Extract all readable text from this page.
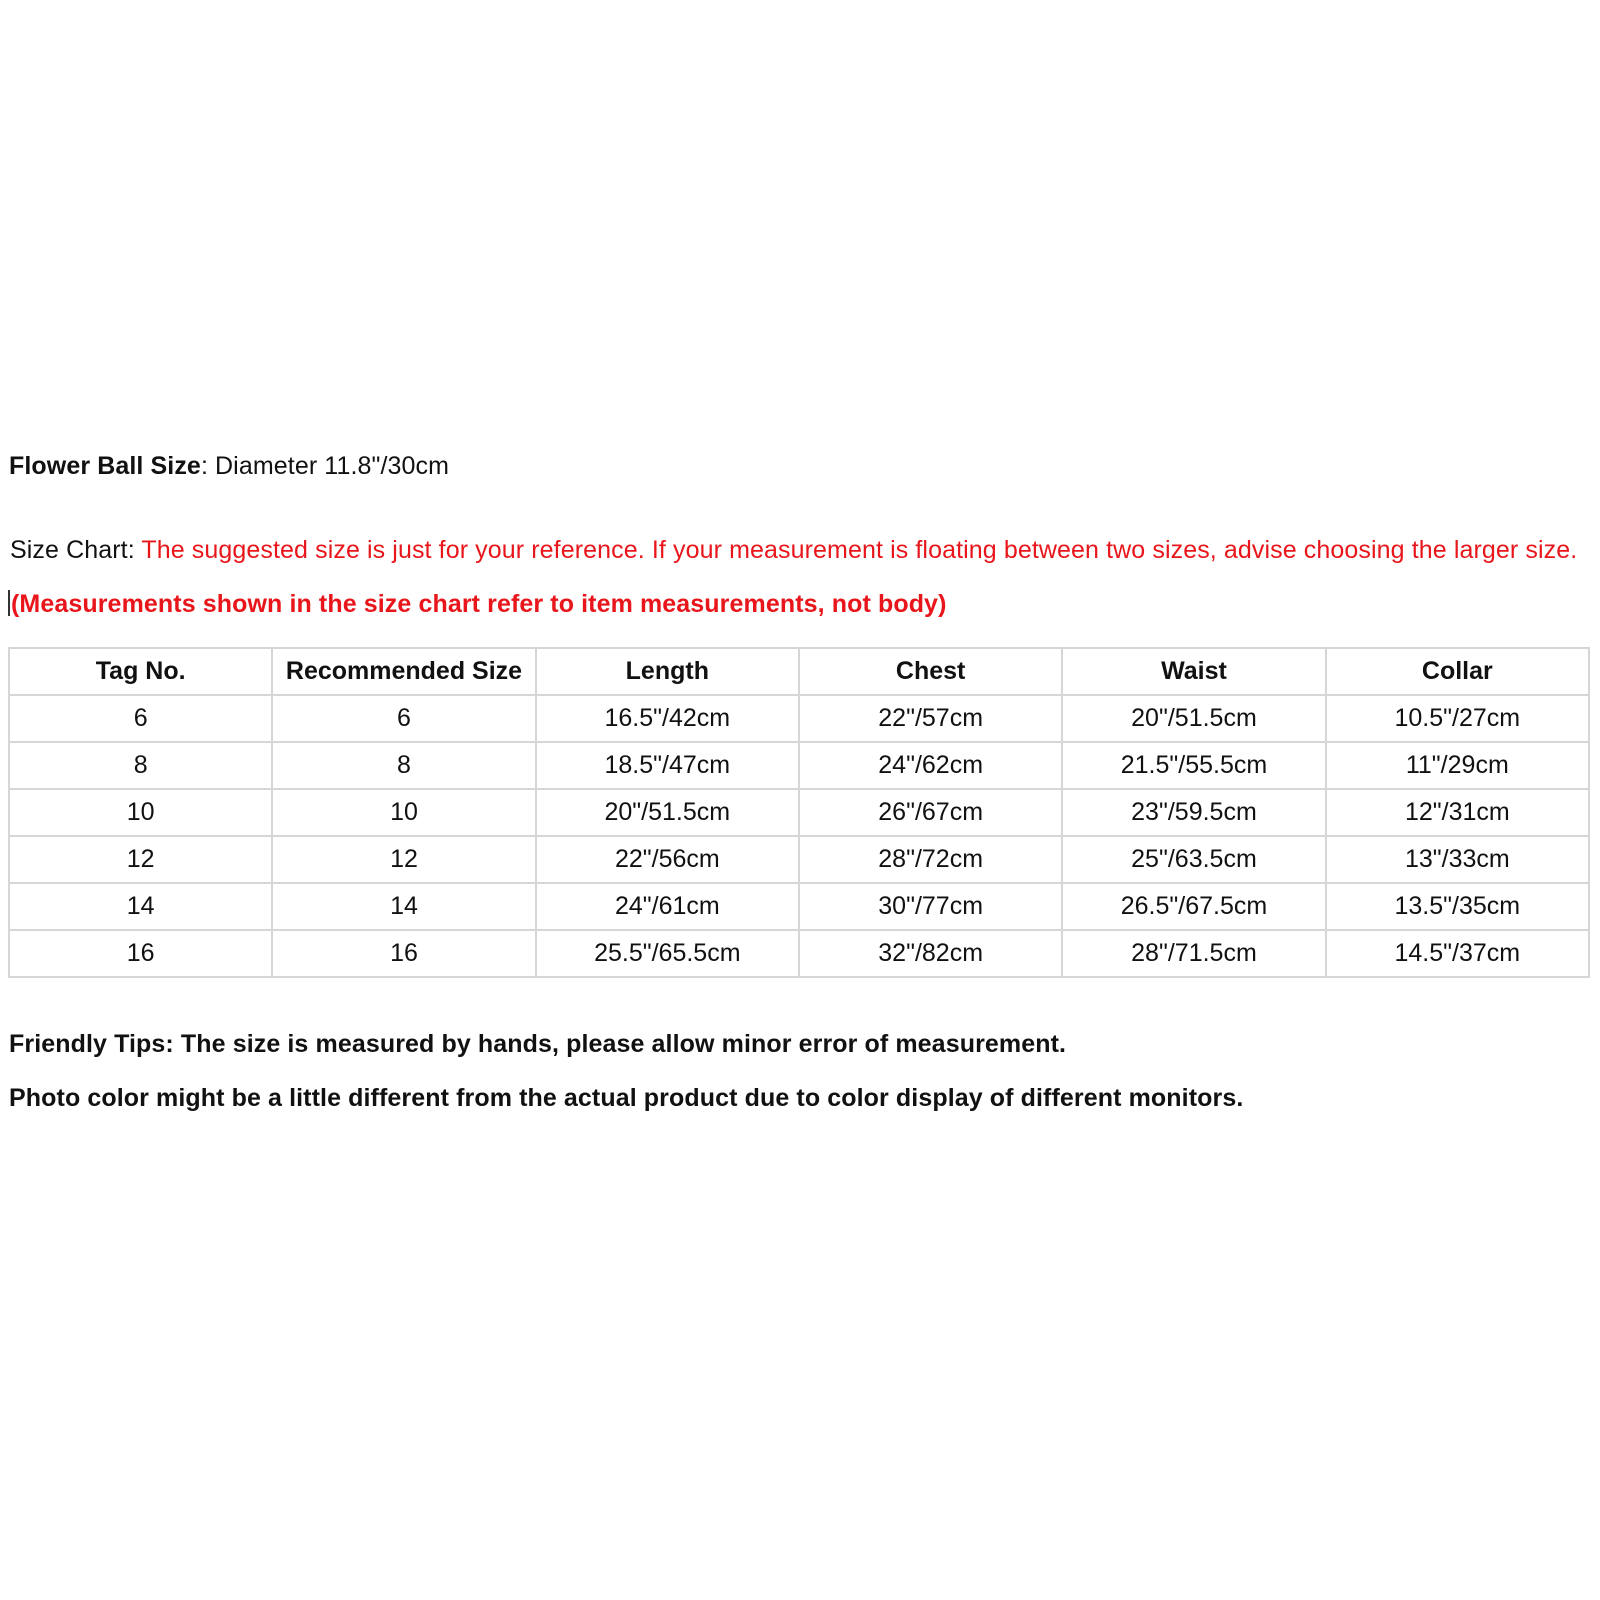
Flower Ball Size: Diameter 11.8"/30cm
Size Chart: The suggested size is just for your reference. If your measurement is floating between two sizes, advise choosing the larger size.
(Measurements shown in the size chart refer to item measurements, not body)
Tag No.	Recommended Size	Length	Chest	Waist	Collar
6	6	16.5"/42cm	22"/57cm	20"/51.5cm	10.5"/27cm
8	8	18.5"/47cm	24"/62cm	21.5"/55.5cm	11"/29cm
10	10	20"/51.5cm	26"/67cm	23"/59.5cm	12"/31cm
12	12	22"/56cm	28"/72cm	25"/63.5cm	13"/33cm
14	14	24"/61cm	30"/77cm	26.5"/67.5cm	13.5"/35cm
16	16	25.5"/65.5cm	32"/82cm	28"/71.5cm	14.5"/37cm
Friendly Tips: The size is measured by hands, please allow minor error of measurement.
Photo color might be a little different from the actual product due to color display of different monitors.
